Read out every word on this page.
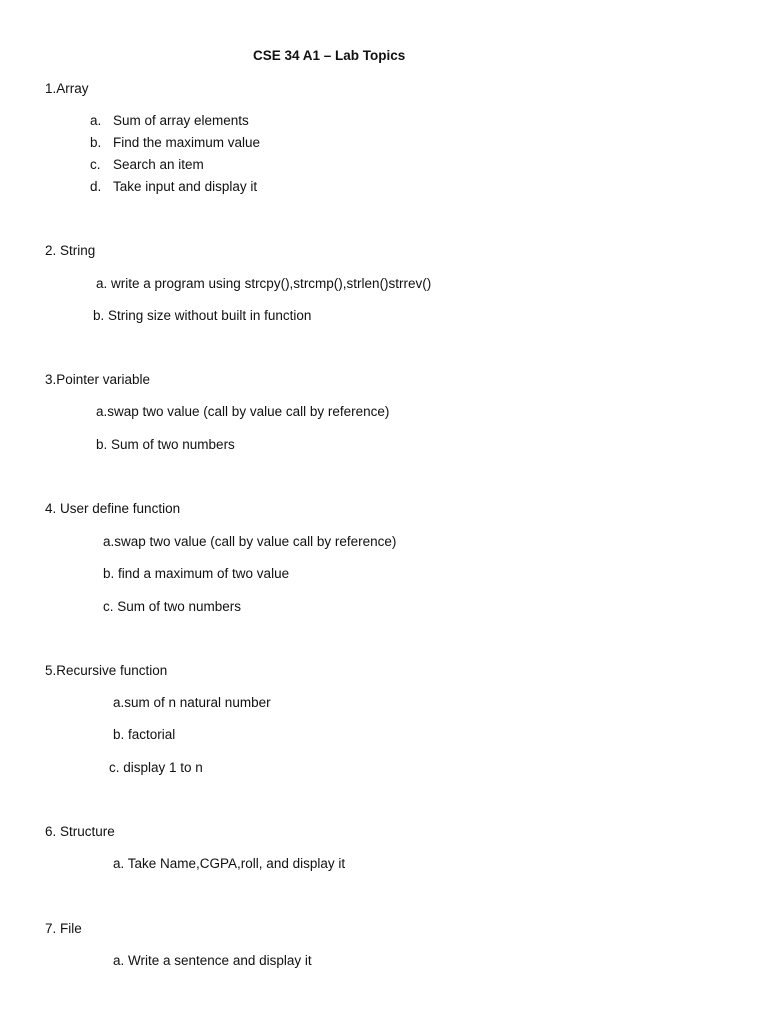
CSE 34 A1 – Lab Topics
1.Array
a. Sum of array elements
b. Find the maximum value
c. Search an item
d. Take input and display it
2. String
a. write a program using strcpy(),strcmp(),strlen()strrev()
b. String size without built in function
3.Pointer variable
a.swap two value (call by value call by reference)
b. Sum of two numbers
4. User define function
a.swap two value (call by value call by reference)
b. find a maximum of two value
c. Sum of two numbers
5.Recursive function
a.sum of n natural number
b. factorial
c. display 1 to n
6. Structure
a. Take Name,CGPA,roll, and display it
7. File
a. Write a sentence and display it
